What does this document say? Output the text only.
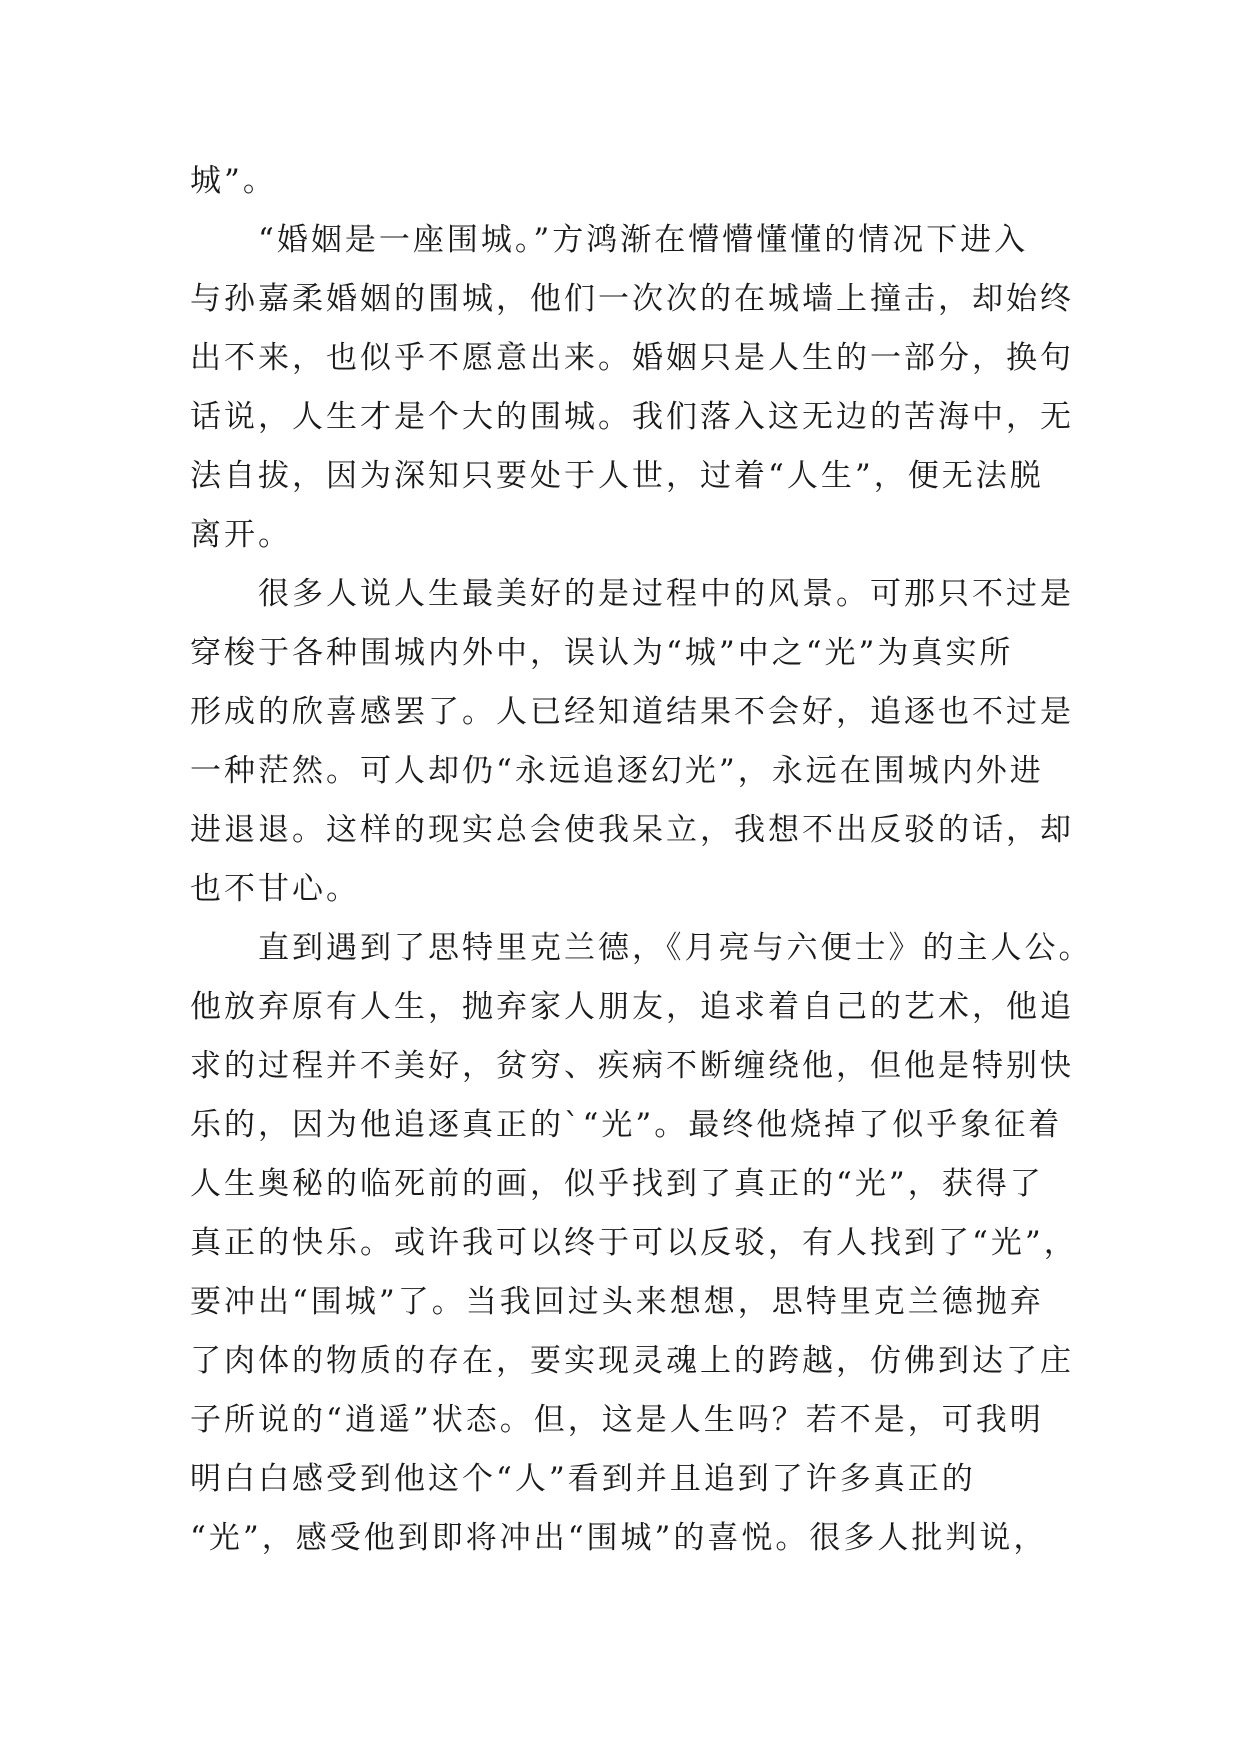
城”。
“婚姻是一座围城。”方鸿渐在懵懵懂懂的情况下进入
与孙嘉柔婚姻的围城，他们一次次的在城墙上撞击，却始终
出不来，也似乎不愿意出来。婚姻只是人生的一部分，换句
话说，人生才是个大的围城。我们落入这无边的苦海中，无
法自拔，因为深知只要处于人世，过着“人生”，便无法脱
离开。
很多人说人生最美好的是过程中的风景。可那只不过是
穿梭于各种围城内外中，误认为“城”中之“光”为真实所
形成的欣喜感罢了。人已经知道结果不会好，追逐也不过是
一种茫然。可人却仍“永远追逐幻光”，永远在围城内外进
进退退。这样的现实总会使我呆立，我想不出反驳的话，却
也不甘心。
直到遇到了思特里克兰德，《月亮与六便士》的主人公。
他放弃原有人生，抛弃家人朋友，追求着自己的艺术，他追
求的过程并不美好，贫穷、疾病不断缠绕他，但他是特别快
乐的，因为他追逐真正的`“光”。最终他烧掉了似乎象征着
人生奥秘的临死前的画，似乎找到了真正的“光”，获得了
真正的快乐。或许我可以终于可以反驳，有人找到了“光”，
要冲出“围城”了。当我回过头来想想，思特里克兰德抛弃
了肉体的物质的存在，要实现灵魂上的跨越，仿佛到达了庄
子所说的“逍遥”状态。但，这是人生吗？若不是，可我明
明白白感受到他这个“人”看到并且追到了许多真正的
“光”，感受他到即将冲出“围城”的喜悦。很多人批判说，
